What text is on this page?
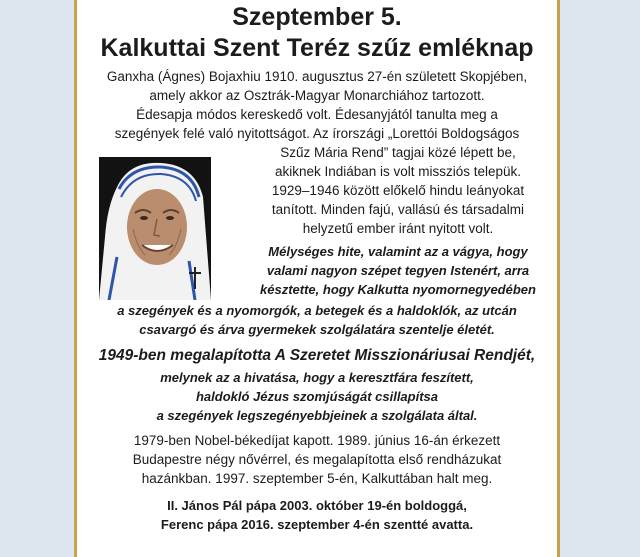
Szeptember 5.
Kalkuttai Szent Teréz szűz emléknap
Ganxha (Ágnes) Bojaxhiu 1910. augusztus 27-én született Skopjében,
amely akkor az Osztrák-Magyar Monarchiához tartozott.
Édesapja módos kereskedő volt. Édesanyjától tanulta meg a
szegények felé való nyitottságot. Az írországi „Lorettói Boldogságos
Szűz Mária Rend” tagjai közé lépett be,
akiknek Indiában is volt missziós telepük.
1929–1946 között előkelő hindu leányokat
tanított. Minden fajú, vallású és társadalmi
helyzetű ember iránt nyitott volt.
Mélységes hite, valamint az a vágya, hogy
valami nagyon szépet tegyen Istenért, arra
késztette, hogy Kalkutta nyomornegyedében
a szegények és a nyomorgók, a betegek és a haldoklók, az utcán
csavargó és árva gyermekek szolgálatára szentelje életét.
1949-ben megalapította A Szeretet Misszionáriusai Rendjét,
melynek az a hivatása, hogy a keresztfára feszített,
haldokló Jézus szomjúságát csillapítsa
a szegények legszegényebbjeinek a szolgálata által.
1979-ben Nobel-békedíjat kapott. 1989. június 16-án érkezett
Budapestre négy nővérrel, és megalapította első rendházukat
hazánkban. 1997. szeptember 5-én, Kalkuttában halt meg.
II. János Pál pápa 2003. október 19-én boldoggá,
Ferenc pápa 2016. szeptember 4-én szentté avatta.
